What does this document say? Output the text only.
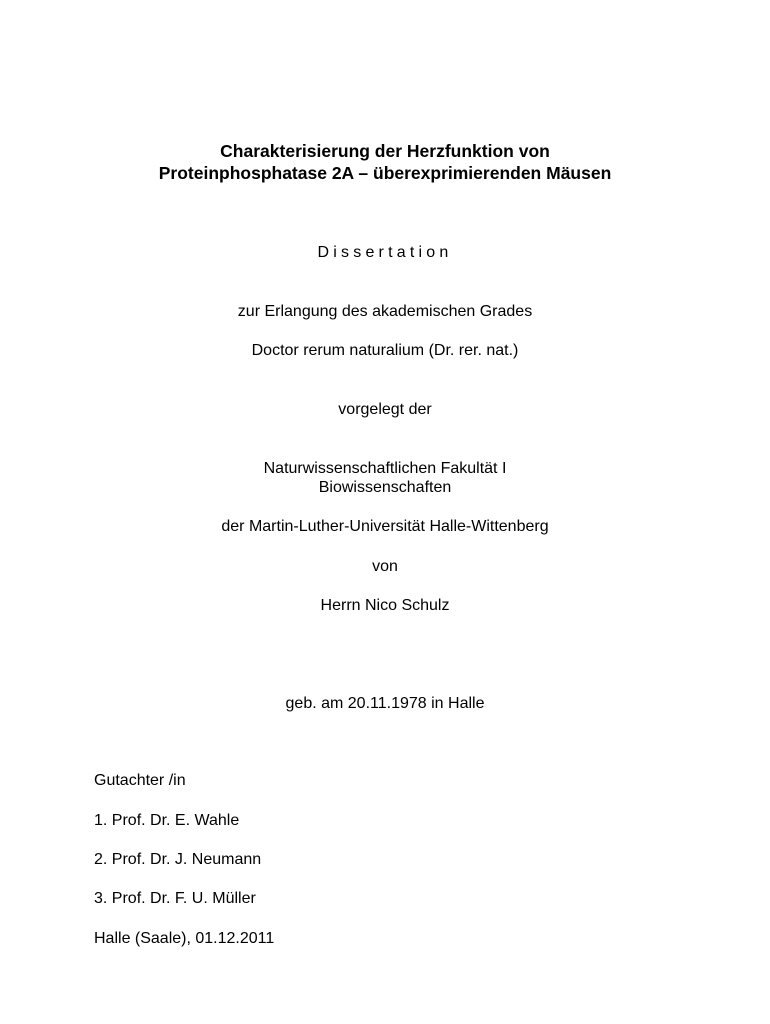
Charakterisierung der Herzfunktion von
Proteinphosphatase 2A – überexprimierenden Mäusen
Dissertation
zur Erlangung des akademischen Grades
Doctor rerum naturalium (Dr. rer. nat.)
vorgelegt der
Naturwissenschaftlichen Fakultät I
Biowissenschaften
der Martin-Luther-Universität Halle-Wittenberg
von
Herrn Nico Schulz
geb. am 20.11.1978 in Halle
Gutachter /in
1. Prof. Dr. E. Wahle
2. Prof. Dr. J. Neumann
3. Prof. Dr. F. U. Müller
Halle (Saale), 01.12.2011
